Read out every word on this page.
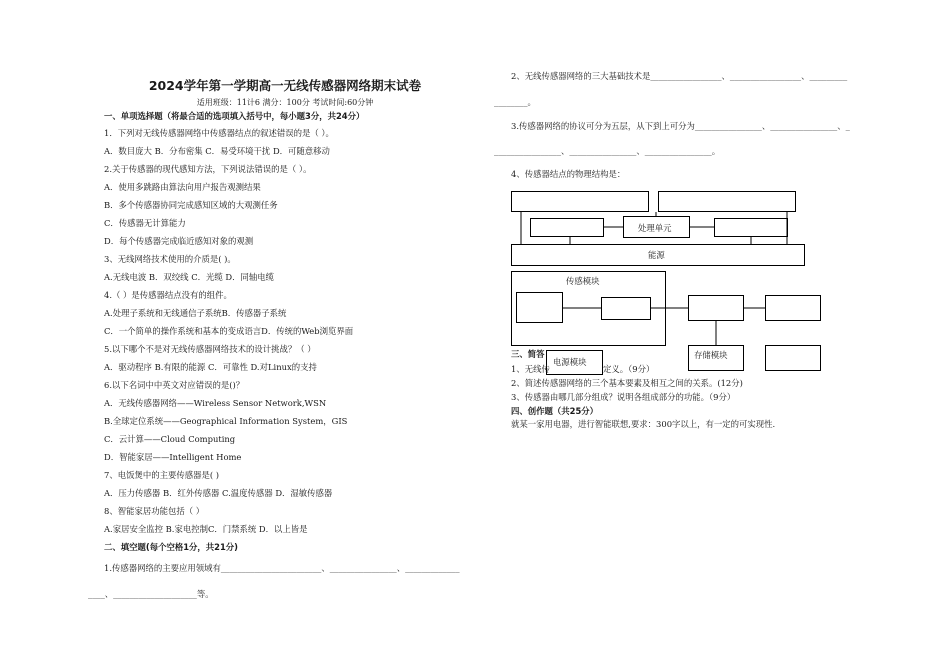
2024学年第一学期高一无线传感器网络期末试卷
适用班级：11计6 满分：100分 考试时间:60分钟
一、单项选择题（将最合适的选项填入括号中，每小题3分，共24分）
1．下列对无线传感器网络中传感器结点的叙述错误的是（ ）。
A．数目庞大 B．分布密集 C．易受环境干扰 D．可随意移动
2.关于传感器的现代感知方法，下列说法错误的是（ ）。
A．使用多跳路由算法向用户报告观测结果
B．多个传感器协同完成感知区域的大观测任务
C．传感器无计算能力
D．每个传感器完成临近感知对象的观测
3、无线网络技术使用的介质是( )。
A.无线电波 B．双绞线 C．光缆 D．同轴电缆
4.（ ）是传感器结点没有的组件。
A.处理子系统和无线通信子系统B．传感器子系统
C．一个简单的操作系统和基本的变成语言D．传统的Web浏览界面
5.以下哪个不是对无线传感器网络技术的设计挑战？（ ）
A．驱动程序 B.有限的能源 C．可靠性 D.对Linux的支持
6.以下名词中中英文对应错误的是()？
A．无线传感器网络——Wireless Sensor Network,WSN
B.全球定位系统——Geographical Information System，GIS
C．云计算——Cloud Computing
D．智能家居——Intelligent Home
7、电饭煲中的主要传感器是( )
A．压力传感器 B．红外传感器 C.温度传感器 D．湿敏传感器
8、智能家居功能包括（ ）
A.家居安全监控 B.家电控制C．门禁系统 D．以上皆是
二、填空题(每个空格1分，共21分)
1.传感器网络的主要应用领域有________________________、________________、_____________
____、____________________等。
2、无线传感器网络的三大基础技术是_________________、_________________、_________
________。
3.传感器网络的协议可分为五层，从下到上可分为________________、________________、_
________________、________________、________________。
4、传感器结点的物理结构是：
能源
处理单元
传感模块
存储模块
电源模块
三、简答
1、无线传	定义。（9分）
2、简述传感器网络的三个基本要素及相互之间的关系。(12分)
3、传感器由哪几部分组成？说明各组成部分的功能。（9分）
四、创作题（共25分）
就某一家用电器，进行智能联想,要求：300字以上，有一定的可实现性.
